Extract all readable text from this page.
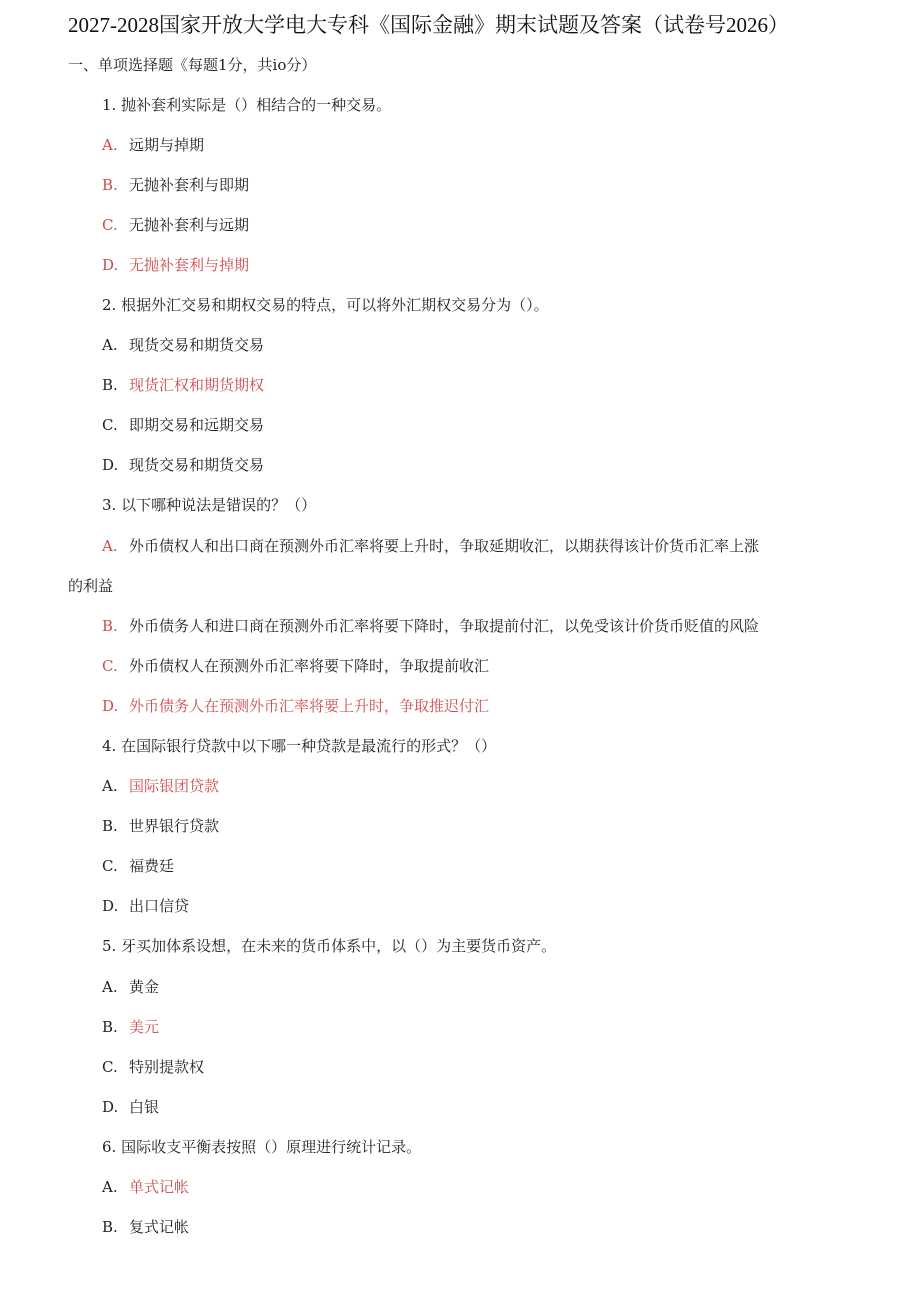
2027-2028国家开放大学电大专科《国际金融》期末试题及答案（试卷号2026）
一、单项选择题《每题1分，共io分）
1. 抛补套利实际是（）相结合的一种交易。
A. 远期与掉期
B. 无抛补套利与即期
C. 无抛补套利与远期
D. 无抛补套利与掉期
2. 根据外汇交易和期权交易的特点，可以将外汇期权交易分为（）。
A. 现货交易和期货交易
B. 现货汇权和期货期权
C. 即期交易和远期交易
D. 现货交易和期货交易
3. 以下哪种说法是错误的？（）
A. 外币债权人和出口商在预测外币汇率将要上升时，争取延期收汇，以期获得该计价货币汇率上涨
的利益
B. 外币债务人和进口商在预测外币汇率将要下降时，争取提前付汇，以免受该计价货币贬值的风险
C. 外币债权人在预测外币汇率将要下降时，争取提前收汇
D. 外币债务人在预测外币汇率将要上升时，争取推迟付汇
4. 在国际银行贷款中以下哪一种贷款是最流行的形式？（）
A. 国际银团贷款
B. 世界银行贷款
C. 福费廷
D. 出口信贷
5. 牙买加体系设想，在未来的货币体系中，以（）为主要货币资产。
A. 黄金
B. 美元
C. 特别提款权
D. 白银
6. 国际收支平衡表按照（）原理进行统计记录。
A. 单式记帐
B. 复式记帐
